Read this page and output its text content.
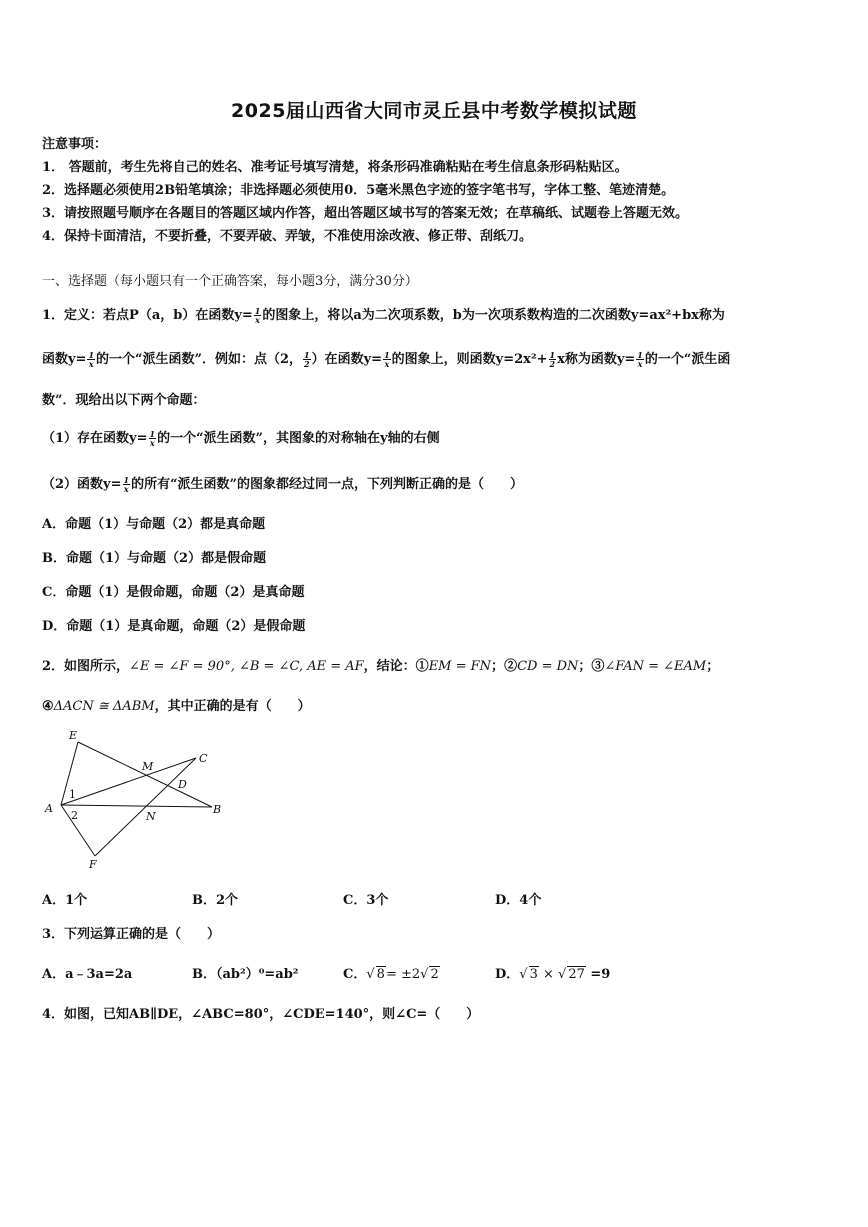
2025届山西省大同市灵丘县中考数学模拟试题
注意事项：
1． 答题前，考生先将自己的姓名、准考证号填写清楚，将条形码准确粘贴在考生信息条形码粘贴区。
2．选择题必须使用2B铅笔填涂；非选择题必须使用0．5毫米黑色字迹的签字笔书写，字体工整、笔迹清楚。
3．请按照题号顺序在各题目的答题区域内作答，超出答题区域书写的答案无效；在草稿纸、试题卷上答题无效。
4．保持卡面清洁，不要折叠，不要弄破、弄皱，不准使用涂改液、修正带、刮纸刀。
一、选择题（每小题只有一个正确答案，每小题3分，满分30分）
1．定义：若点P（a，b）在函数$y= \frac{1}{x}$ 的图象上，将以a为二次项系数，b为一次项系数构造的二次函数y=ax²+bx称为
函数$y= \frac{1}{x}$ 的一个“派生函数”．例如：点（2， $\frac{1}{2}$ ）在函数$y= \frac{1}{x}$ 的图象上，则函数$y=2x^2+ \frac{1}{2}$ x称为函数$y= \frac{1}{x}$ 的一个“派生函
数”．现给出以下两个命题：
（1）存在函数$y= \frac{1}{x}$ 的一个“派生函数”，其图象的对称轴在y轴的右侧
（2）函数$y= \frac{1}{x}$ 的所有“派生函数”的图象都经过同一点，下列判断正确的是（　　）
A．命题（1）与命题（2）都是真命题
B．命题（1）与命题（2）都是假命题
C．命题（1）是假命题，命题（2）是真命题
D．命题（1）是真命题，命题（2）是假命题
2．如图所示，∠E = ∠F = 90°, ∠B = ∠C, AE = AF，结论：①EM = FN；②CD = DN；③∠FAN = ∠EAM；
④ΔACN ≅ ΔABM，其中正确的是有（　　）
E
M
C
D
A
1
2	N
B
F
A．1个	B．2个	C．3个	D．4个
3．下列运算正确的是（　　）
A．a﹣3a=2a	B．（ab²）⁰=ab²	C．√ 8= ±2√ 2	D．√ 3 × √ 27 =9
4．如图，已知AB∥DE，∠ABC=80°，∠CDE=140°，则∠C=（　　）
